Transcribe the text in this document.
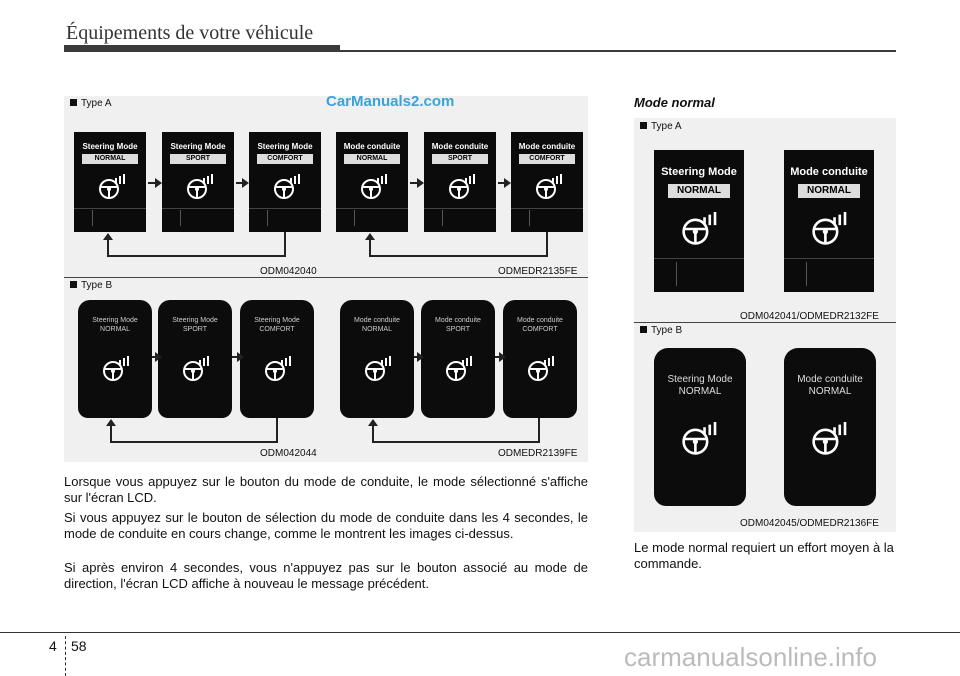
Équipements de votre véhicule
Type A	CarManuals2.com
Steering Mode
NORMAL
Steering Mode
SPORT
Steering Mode
COMFORT
Mode conduite
NORMAL
Mode conduite
SPORT
Mode conduite
COMFORT
ODM042040	ODMEDR2135FE
Type B
Steering Mode
NORMAL
Steering Mode
SPORT
Steering Mode
COMFORT
Mode conduite
NORMAL
Mode conduite
SPORT
Mode conduite
COMFORT
ODM042044	ODMEDR2139FE
Lorsque vous appuyez sur le bouton du mode de conduite, le mode sélectionné s'affiche sur l'écran LCD.
Si vous appuyez sur le bouton de sélection du mode de conduite dans les 4 secondes, le mode de conduite en cours change, comme le montrent les images ci-dessus.
Si après environ 4 secondes, vous n'appuyez pas sur le bouton associé au mode de direction, l'écran LCD affiche à nouveau le message précédent.
Mode normal
Type A
Steering Mode
NORMAL
Mode conduite
NORMAL
ODM042041/ODMEDR2132FE
Type B
Steering Mode
NORMAL
Mode conduite
NORMAL
ODM042045/ODMEDR2136FE
Le mode normal requiert un effort moyen à la commande.
4 58	carmanualsonline.info
